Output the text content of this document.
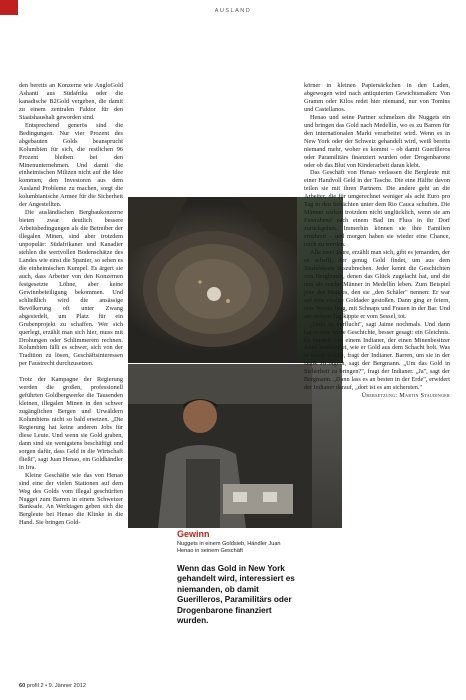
AUSLAND

den bereits an Konzerne wie AngloGold Ashanti aus Südafrika oder die kanadische B2Gold vergeben, die damit zu einem zentralen Faktor für den Staatshaushalt geworden sind.

Entsprechend generös sind die Bedingungen. Nur vier Prozent des abgebauten Golds beansprucht Kolumbien für sich, die restlichen 96 Prozent bleiben bei den Minenunternehmen. Und damit die einheimischen Milizen nicht auf die Idee kommen, den Investoren aus dem Ausland Probleme zu machen, sorgt die kolumbianische Armee für die Sicherheit der Angestellten.

Die ausländischen Bergbaukonzerne bieten zwar deutlich bessere Arbeitsbedingungen als die Betreiber der illegalen Minen, sind aber trotzdem unpopulär: Südafrikaner und Kanadier stehlen die wertvollen Bodenschätze des Landes wie einst die Spanier, so sehen es die einheimischen Kumpel. Es ärgert sie auch, dass Arbeiter von den Konzernen festgesetzte Löhne, aber keine Gewinnbeteiligung bekommen. Und schließlich wird die ansässige Bevölkerung oft unter Zwang abgesiedelt, um Platz für ein Grubenprojekt zu schaffen. Wer sich querlegt, erzählt man sich hier, muss mit Drohungen oder Schlimmerem rechnen. Kolumbien fällt es schwer, sich von der Tradition zu lösen, Geschäftsinteressen per Faustrecht durchzusetzen.

Trotz der Kampagne der Regierung werden die großen, professionell geführten Goldbergwerke die Tausenden kleinen, illegalen Minen in den schwer zugänglichen Bergen und Urwäldern Kolumbiens nicht so bald ersetzen. „Die Regierung hat keine anderen Jobs für diese Leute. Und wenn sie Gold graben, dann sind sie wenigstens beschäftigt und sorgen dafür, dass Geld in die Wirtschaft fließt", sagt Juan Henao, ein Goldhändler in Irra.

Kleine Geschäfte wie das von Henao sind eine der vielen Stationen auf dem Weg des Golds vom illegal geschürften Nugget zum Barren in einem Schweizer Banksafe. An Werktagen geben sich die Bergleute bei Henao die Klinke in die Hand. Sie bringen Gold-

Gewinn
Nuggets in einem Goldsieb, Händler Juan Henao in seinem Geschäft
Wenn das Gold in New York gehandelt wird, interessiert es niemanden, ob damit Guerilleros, Paramilitärs oder Drogenbarone finanziert wurden.

körner in kleinen Papiersäckchen in den Laden, abgewogen wird nach antiquierten Gewichtsmaßen: Von Gramm oder Kilos redet hier niemand, nur von Tomins und Castellanos.

Henao und seine Partner schmelzen die Nuggets ein und bringen das Gold nach Medellín, wo es zu Barren für den internationalen Markt verarbeitet wird. Wenn es in New York oder der Schweiz gehandelt wird, weiß bereits niemand mehr, woher es kommt – ob damit Guerilleros oder Paramilitärs finanziert wurden oder Drogenbarone oder ob das Blut von Kinderarbeit daran klebt.

Das Geschäft von Henao verlassen die Bergleute mit einer Handvoll Geld in der Tasche. Die eine Hälfte davon teilen sie mit ihren Partnern. Die andere geht an die Arbeiter, die für umgerechnet weniger als acht Euro pro Tag in den Schächten unter dem Rio Cauca schuften. Die Männer wirken trotzdem nicht unglücklich, wenn sie am Feierabend nach einem Bad im Fluss in ihr Dorf zurückgehen. Immerhin können sie ihre Familien ernähren – und morgen haben sie wieder eine Chance, reich zu werden.

Alle zwei Jahre, erzählt man sich, gibt es jemanden, der es schafft, der genug Gold findet, um aus dem Teufelskreis auszubrechen. Jeder kennt die Geschichten von Bergleuten, denen das Glück zugelacht hat, und die nun als reiche Männer in Medellín leben. Zum Beispiel jene des Mannes, den sie „den Schäler" nennen: Er war auf eine riesige Goldader gestoßen. Dann ging er feiern, eine Woche lang, mit Schnaps und Frauen in der Bar. Und am siebten Tag kippte er vom Sessel, tot.

„Gold ist verflucht", sagt Jaime nochmals. Und dann hat er eine letzte Geschichte, besser gesagt: ein Gleichnis. Es handelt von einem Indianer, der einen Minenbesitzer dabei beobachtet, wie er Gold aus dem Schacht holt. Was er damit mache, fragt der Indianer. Barren, um sie in der Bank zu lagern, sagt der Bergmann. „Um das Gold in Sicherheit zu bringen?", fragt der Indianer. „Ja", sagt der Bergmann. „Dann lass es an besten in der Erde", erwidert der Indianer darauf, „dort ist es am sichersten."

Übersetzung: Martin Staudinger

60 profil 2 • 9. Jänner 2012
